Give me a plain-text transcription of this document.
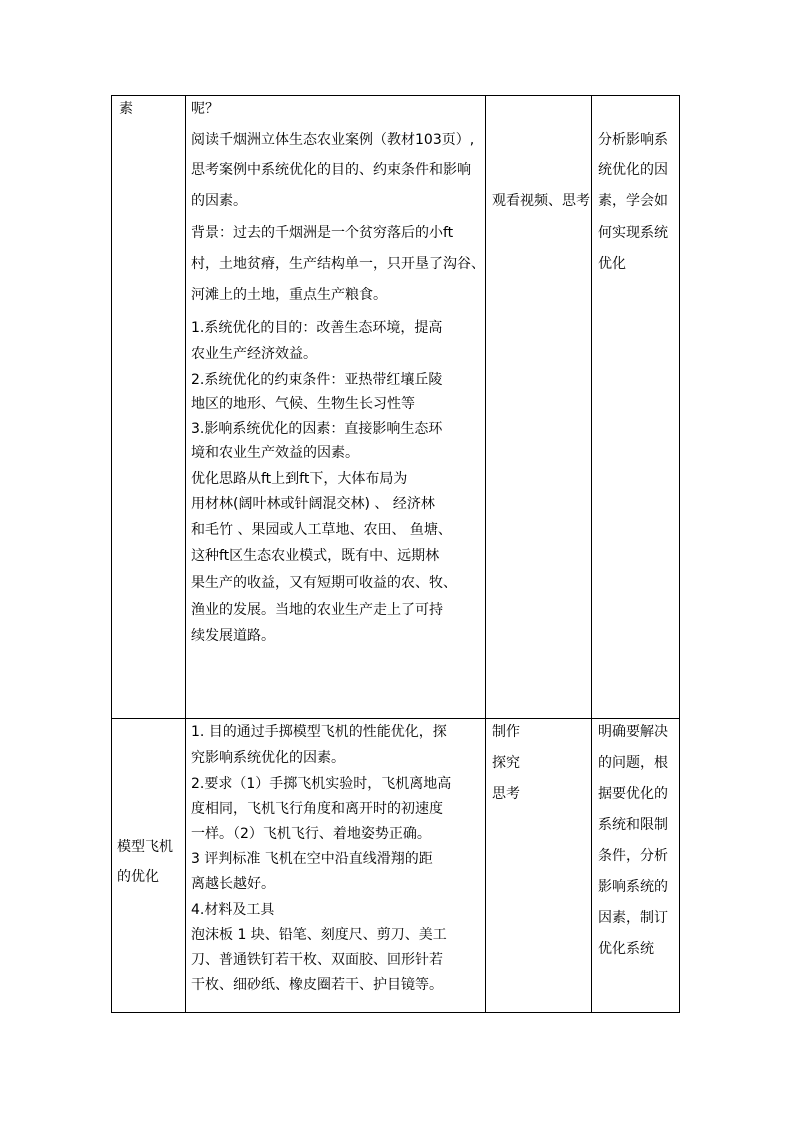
素	呢？
阅读千烟洲立体生态农业案例（教材103页）,
思考案例中系统优化的目的、约束条件和影响
的因素。
背景：过去的千烟洲是一个贫穷落后的小ft
村，土地贫瘠，生产结构单一，只开垦了沟谷、
河滩上的土地，重点生产粮食。
1.系统优化的目的：改善生态环境，提高
农业生产经济效益。
2.系统优化的约束条件：亚热带红壤丘陵
地区的地形、气候、生物生长习性等
3.影响系统优化的因素：直接影响生态环
境和农业生产效益的因素。
优化思路从ft上到ft下，大体布局为
用材林(阔叶林或针阔混交林) 、 经济林
和毛竹 、果园或人工草地、农田、 鱼塘、
这种ft区生态农业模式，既有中、远期林
果生产的收益，又有短期可收益的农、牧、
渔业的发展。当地的农业生产走上了可持
续发展道路。
观看视频、思考
分析影响系
统优化的因
素，学会如
何实现系统
优化
模型飞机
的优化
1. 目的通过手掷模型飞机的性能优化，探
究影响系统优化的因素。
2.要求（1）手掷飞机实验时，飞机离地高
度相同，飞机飞行角度和离开时的初速度
一样。（2）飞机飞行、着地姿势正确。
3 评判标准 飞机在空中沿直线滑翔的距
离越长越好。
4.材料及工具
泡沫板 1 块、铅笔、刻度尺、剪刀、美工
刀、普通铁钉若干枚、双面胶、回形针若
干枚、细砂纸、橡皮圈若干、护目镜等。
制作
探究
思考
明确要解决
的问题，根
据要优化的
系统和限制
条件，分析
影响系统的
因素，制订
优化系统
